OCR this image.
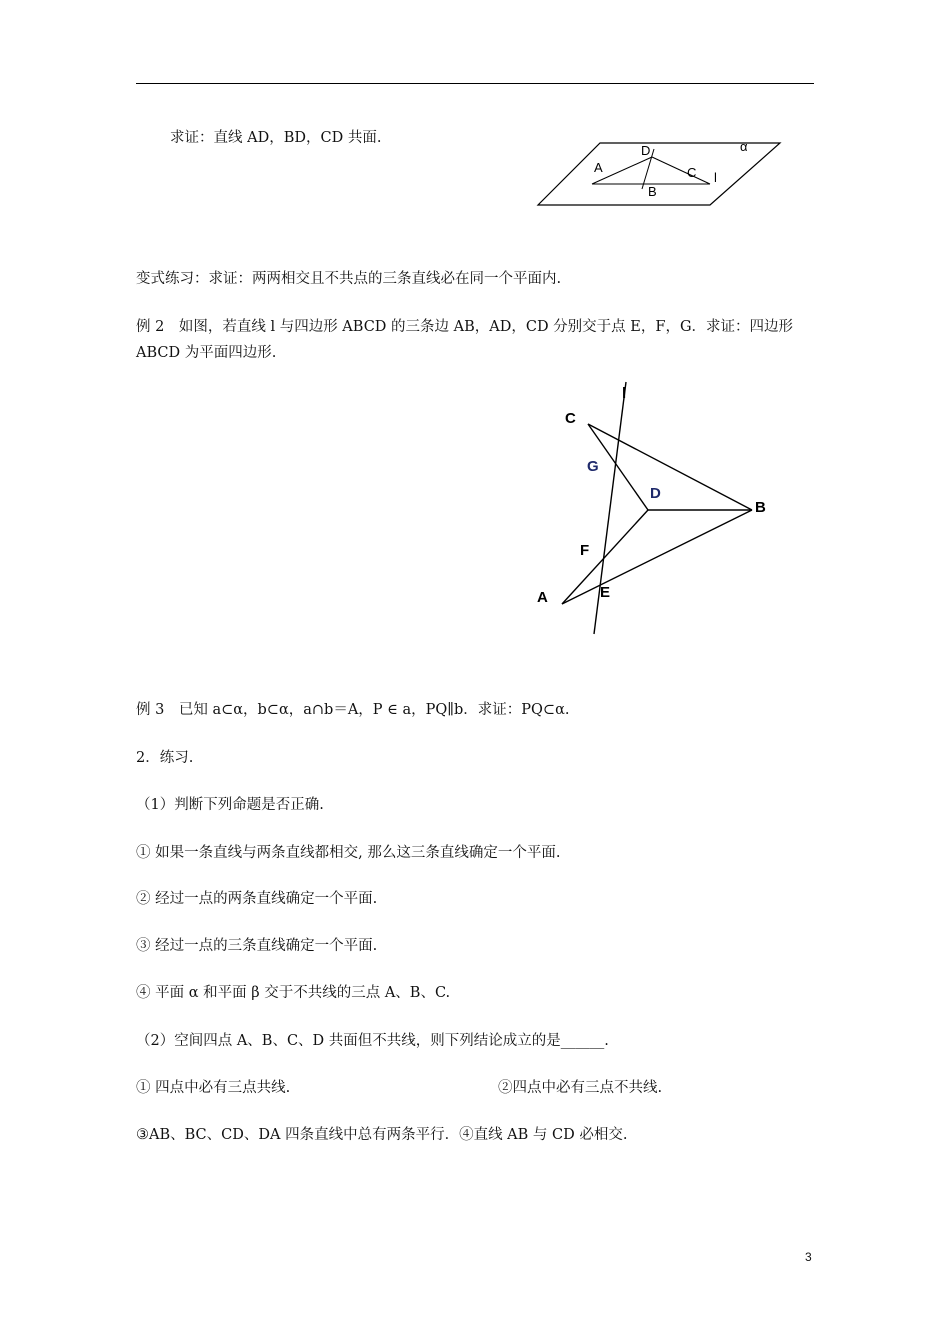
求证：直线 AD，BD，CD 共面.
α
D
A	C l
B
变式练习：求证：两两相交且不共点的三条直线必在同一个平面内.
例 2　如图，若直线 l 与四边形 ABCD 的三条边 AB，AD，CD 分别交于点 E，F，G．求证：四边形
ABCD 为平面四边形.
l
C
G
D
B
F
A	E
例 3　已知 a⊂α，b⊂α，a∩b＝A，P ∈ a，PQ∥b．求证：PQ⊂α.
2．练习.
（1）判断下列命题是否正确.
① 如果一条直线与两条直线都相交, 那么这三条直线确定一个平面.
② 经过一点的两条直线确定一个平面.
③ 经过一点的三条直线确定一个平面.
④ 平面 α 和平面 β 交于不共线的三点 A、B、C.
（2）空间四点 A、B、C、D 共面但不共线，则下列结论成立的是______.
① 四点中必有三点共线.	②四点中必有三点不共线.
③AB、BC、CD、DA 四条直线中总有两条平行．④直线 AB 与 CD 必相交.
3
